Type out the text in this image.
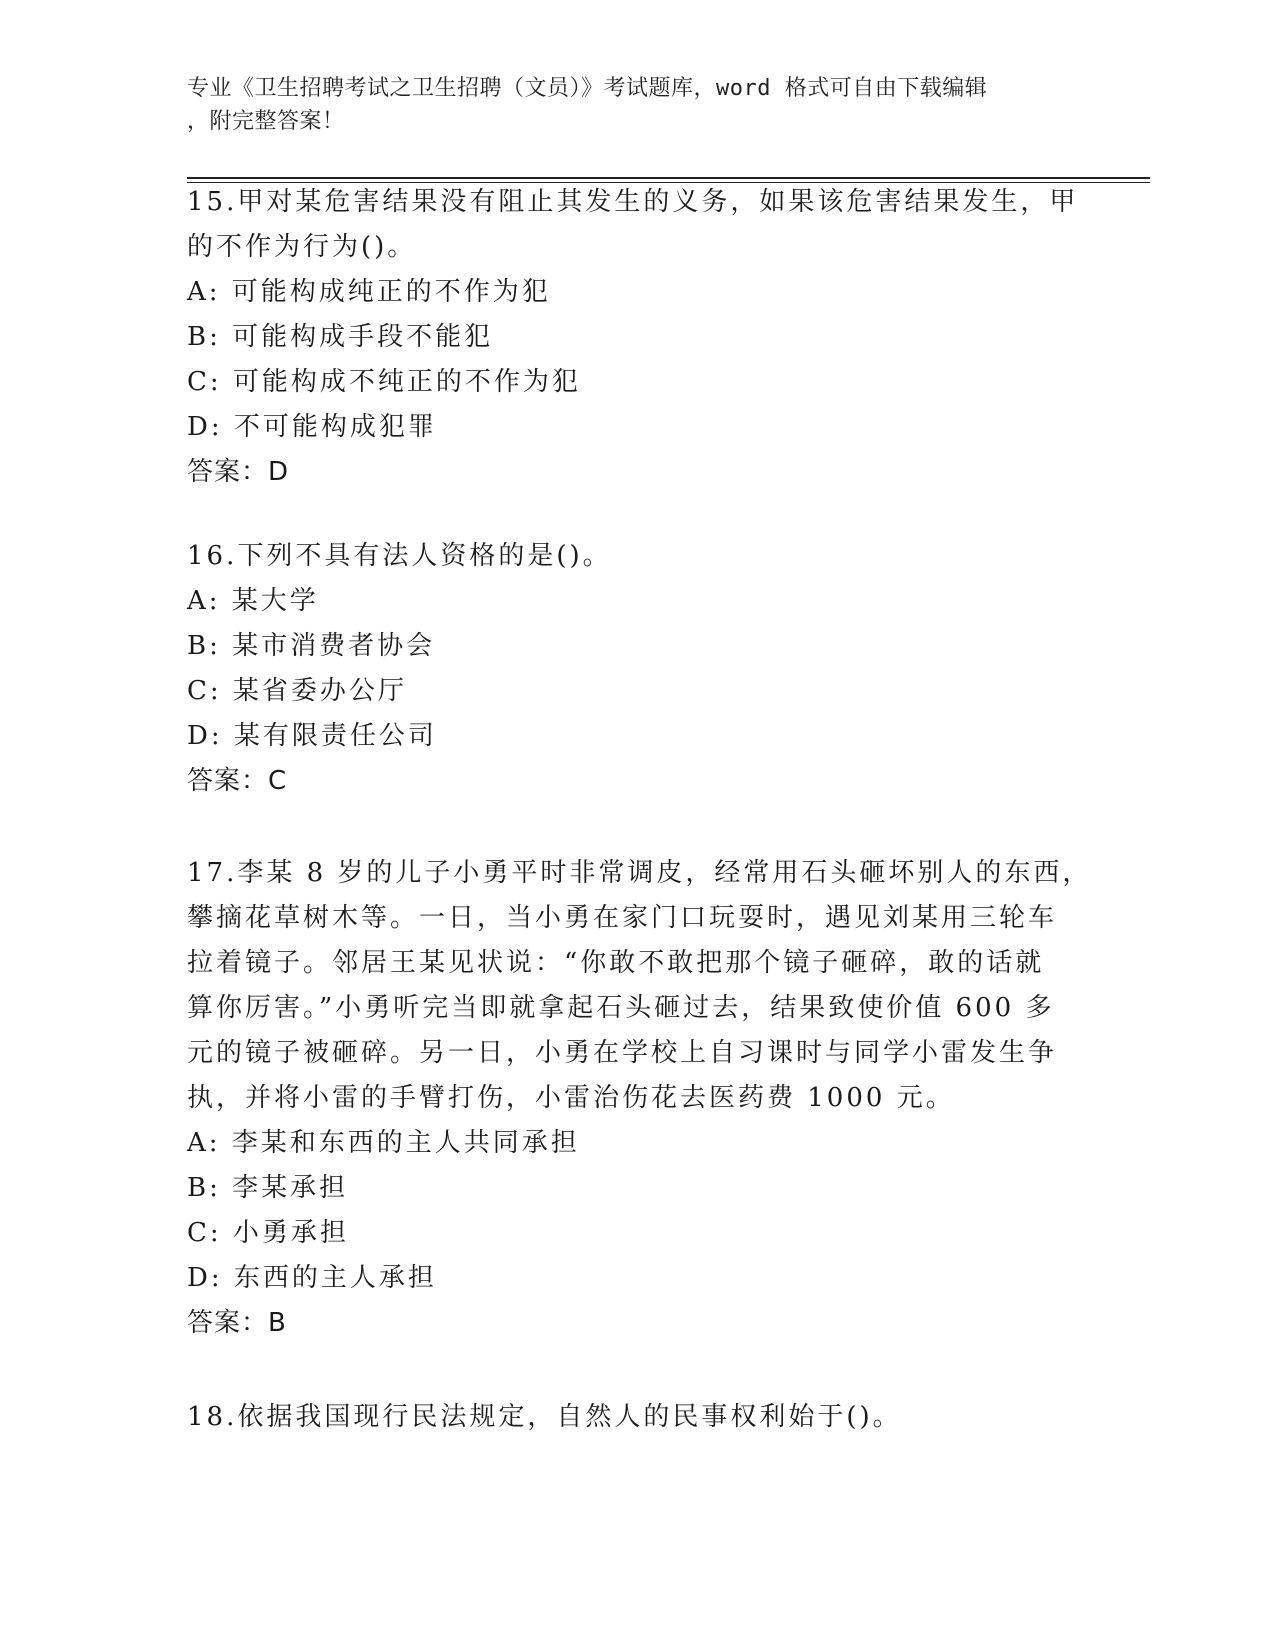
专业《卫生招聘考试之卫生招聘（文员）》考试题库，word 格式可自由下载编辑
，附完整答案！
15.甲对某危害结果没有阻止其发生的义务，如果该危害结果发生，甲
的不作为行为()。
A: 可能构成纯正的不作为犯
B: 可能构成手段不能犯
C: 可能构成不纯正的不作为犯
D: 不可能构成犯罪
答案：D
16.下列不具有法人资格的是()。
A: 某大学
B: 某市消费者协会
C: 某省委办公厅
D: 某有限责任公司
答案：C
17.李某 8 岁的儿子小勇平时非常调皮，经常用石头砸坏别人的东西，
攀摘花草树木等。一日，当小勇在家门口玩耍时，遇见刘某用三轮车
拉着镜子。邻居王某见状说：“你敢不敢把那个镜子砸碎，敢的话就
算你厉害。”小勇听完当即就拿起石头砸过去，结果致使价值 600 多
元的镜子被砸碎。另一日，小勇在学校上自习课时与同学小雷发生争
执，并将小雷的手臂打伤，小雷治伤花去医药费 1000 元。
A: 李某和东西的主人共同承担
B: 李某承担
C: 小勇承担
D: 东西的主人承担
答案：B
18.依据我国现行民法规定，自然人的民事权利始于()。
